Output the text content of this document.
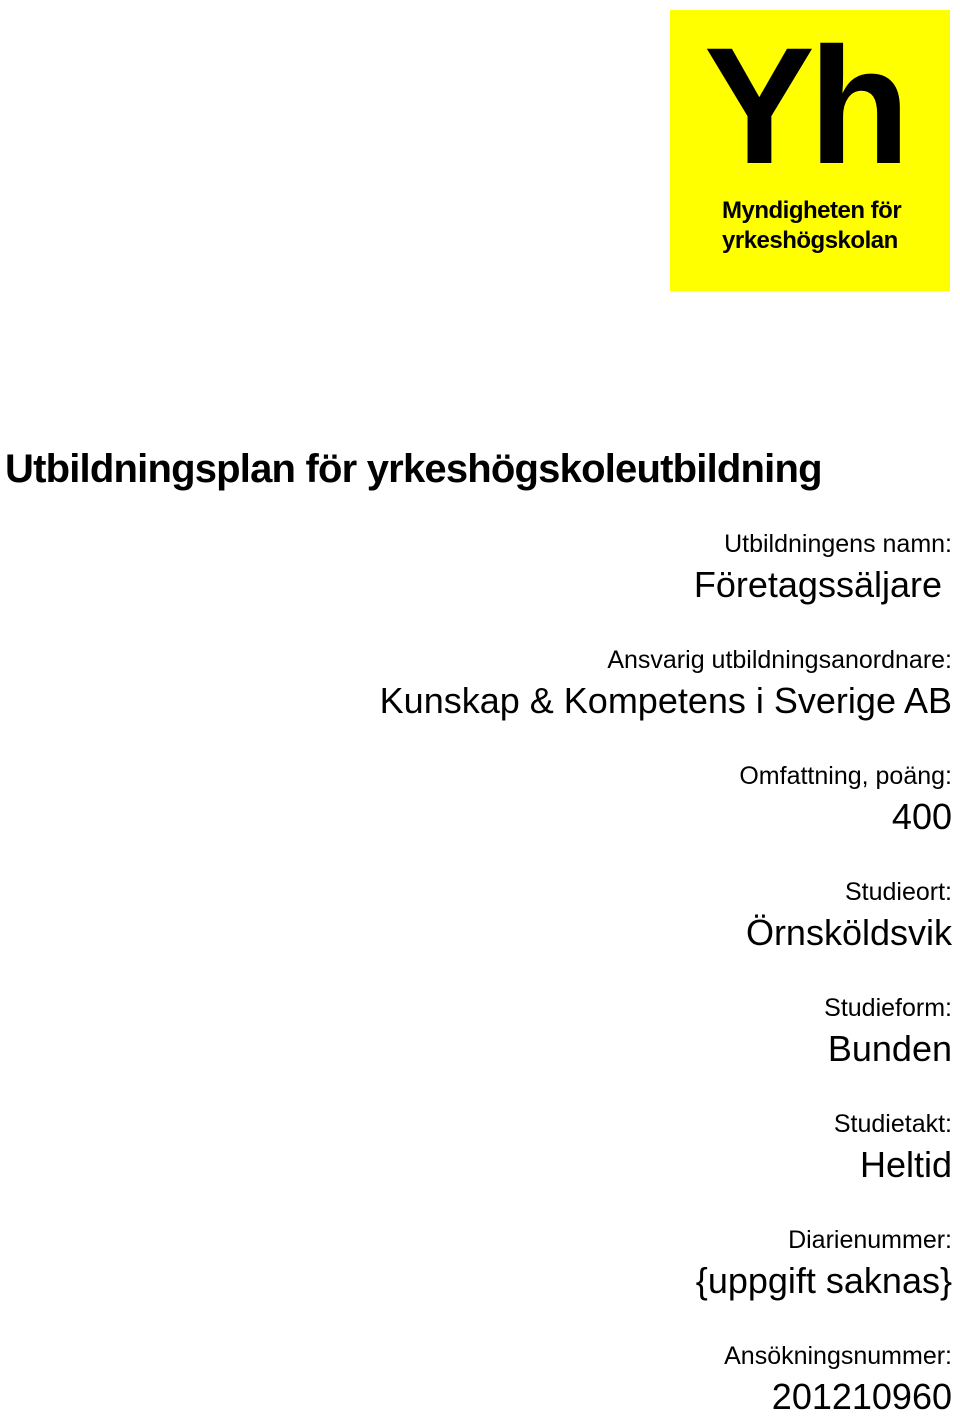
Yh
Myndigheten för
yrkeshögskolan
Utbildningsplan för yrkeshögskoleutbildning
Utbildningens namn:
Företagssäljare
Ansvarig utbildningsanordnare:
Kunskap & Kompetens i Sverige AB
Omfattning, poäng:
400
Studieort:
Örnsköldsvik
Studieform:
Bunden
Studietakt:
Heltid
Diarienummer:
{uppgift saknas}
Ansökningsnummer:
201210960
